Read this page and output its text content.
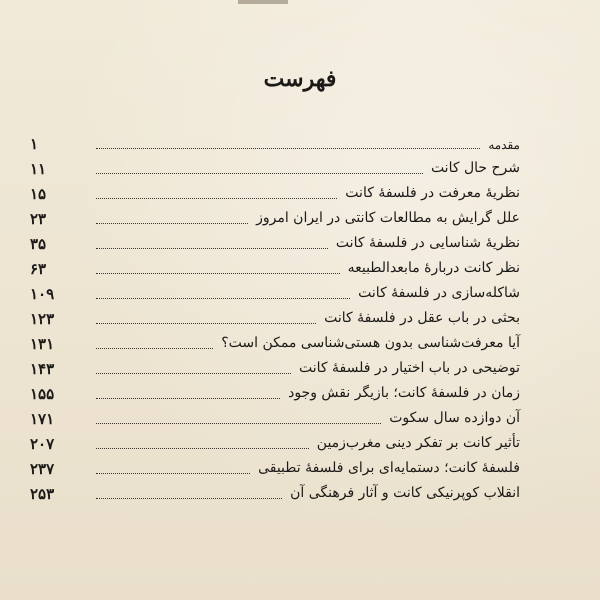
فهرست
مقدمه
۱
شرح حال کانت
۱۱
نظریهٔ معرفت در فلسفهٔ کانت
۱۵
علل گرایش به مطالعات کانتی در ایران امروز
۲۳
نظریهٔ شناسایی در فلسفهٔ کانت
۳۵
نظر کانت دربارهٔ مابعدالطبیعه
۶۳
شاکله‌سازی در فلسفهٔ کانت
۱۰۹
بحثی در باب عقل در فلسفهٔ کانت
۱۲۳
آیا معرفت‌شناسی بدون هستی‌شناسی ممکن است؟
۱۳۱
توضیحی در باب اختیار در فلسفهٔ کانت
۱۴۳
زمان در فلسفهٔ کانت؛ بازیگر نقش وجود
۱۵۵
آن دوازده سال سکوت
۱۷۱
تأثیر کانت بر تفکر دینی مغرب‌زمین
۲۰۷
فلسفهٔ کانت؛ دستمایه‌ای برای فلسفهٔ تطبیقی
۲۳۷
انقلاب کوپرنیکی کانت و آثار فرهنگی آن
۲۵۳
